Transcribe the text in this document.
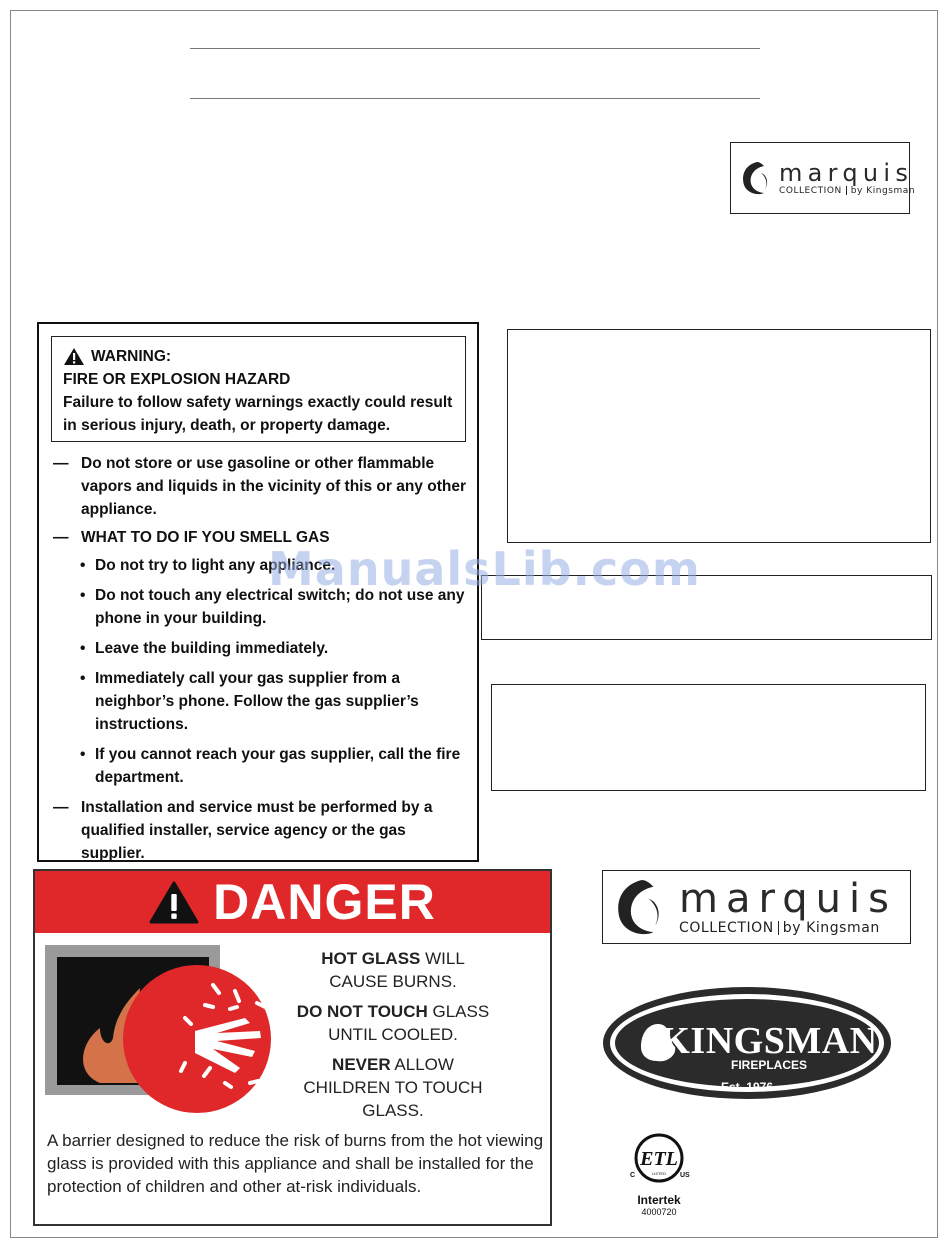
marquis
COLLECTION by Kingsman
WARNING:
FIRE OR EXPLOSION HAZARD
Failure to follow safety warnings exactly could result in serious injury, death, or property damage.
— Do not store or use gasoline or other flammable vapors and liquids in the vicinity of this or any other appliance.
— WHAT TO DO IF YOU SMELL GAS
• Do not try to light any appliance.
• Do not touch any electrical switch; do not use any phone in your building.
• Leave the building immediately.
• Immediately call your gas supplier from a neighbor’s phone. Follow the gas supplier’s instructions.
• If you cannot reach your gas supplier, call the fire department.
— Installation and service must be performed by a qualified installer, service agency or the gas supplier.
ManualsLib.com
DANGER

HOT GLASS WILL CAUSE BURNS.

DO NOT TOUCH GLASS UNTIL COOLED.

NEVER ALLOW CHILDREN TO TOUCH GLASS.

A barrier designed to reduce the risk of burns from the hot viewing glass is provided with this appliance and shall be installed for the protection of children and other at-risk individuals.
marquis
COLLECTION by Kingsman
KINGSMAN
FIREPLACES
Est. 1976
ETL
LISTED
C	US
Intertek
4000720
